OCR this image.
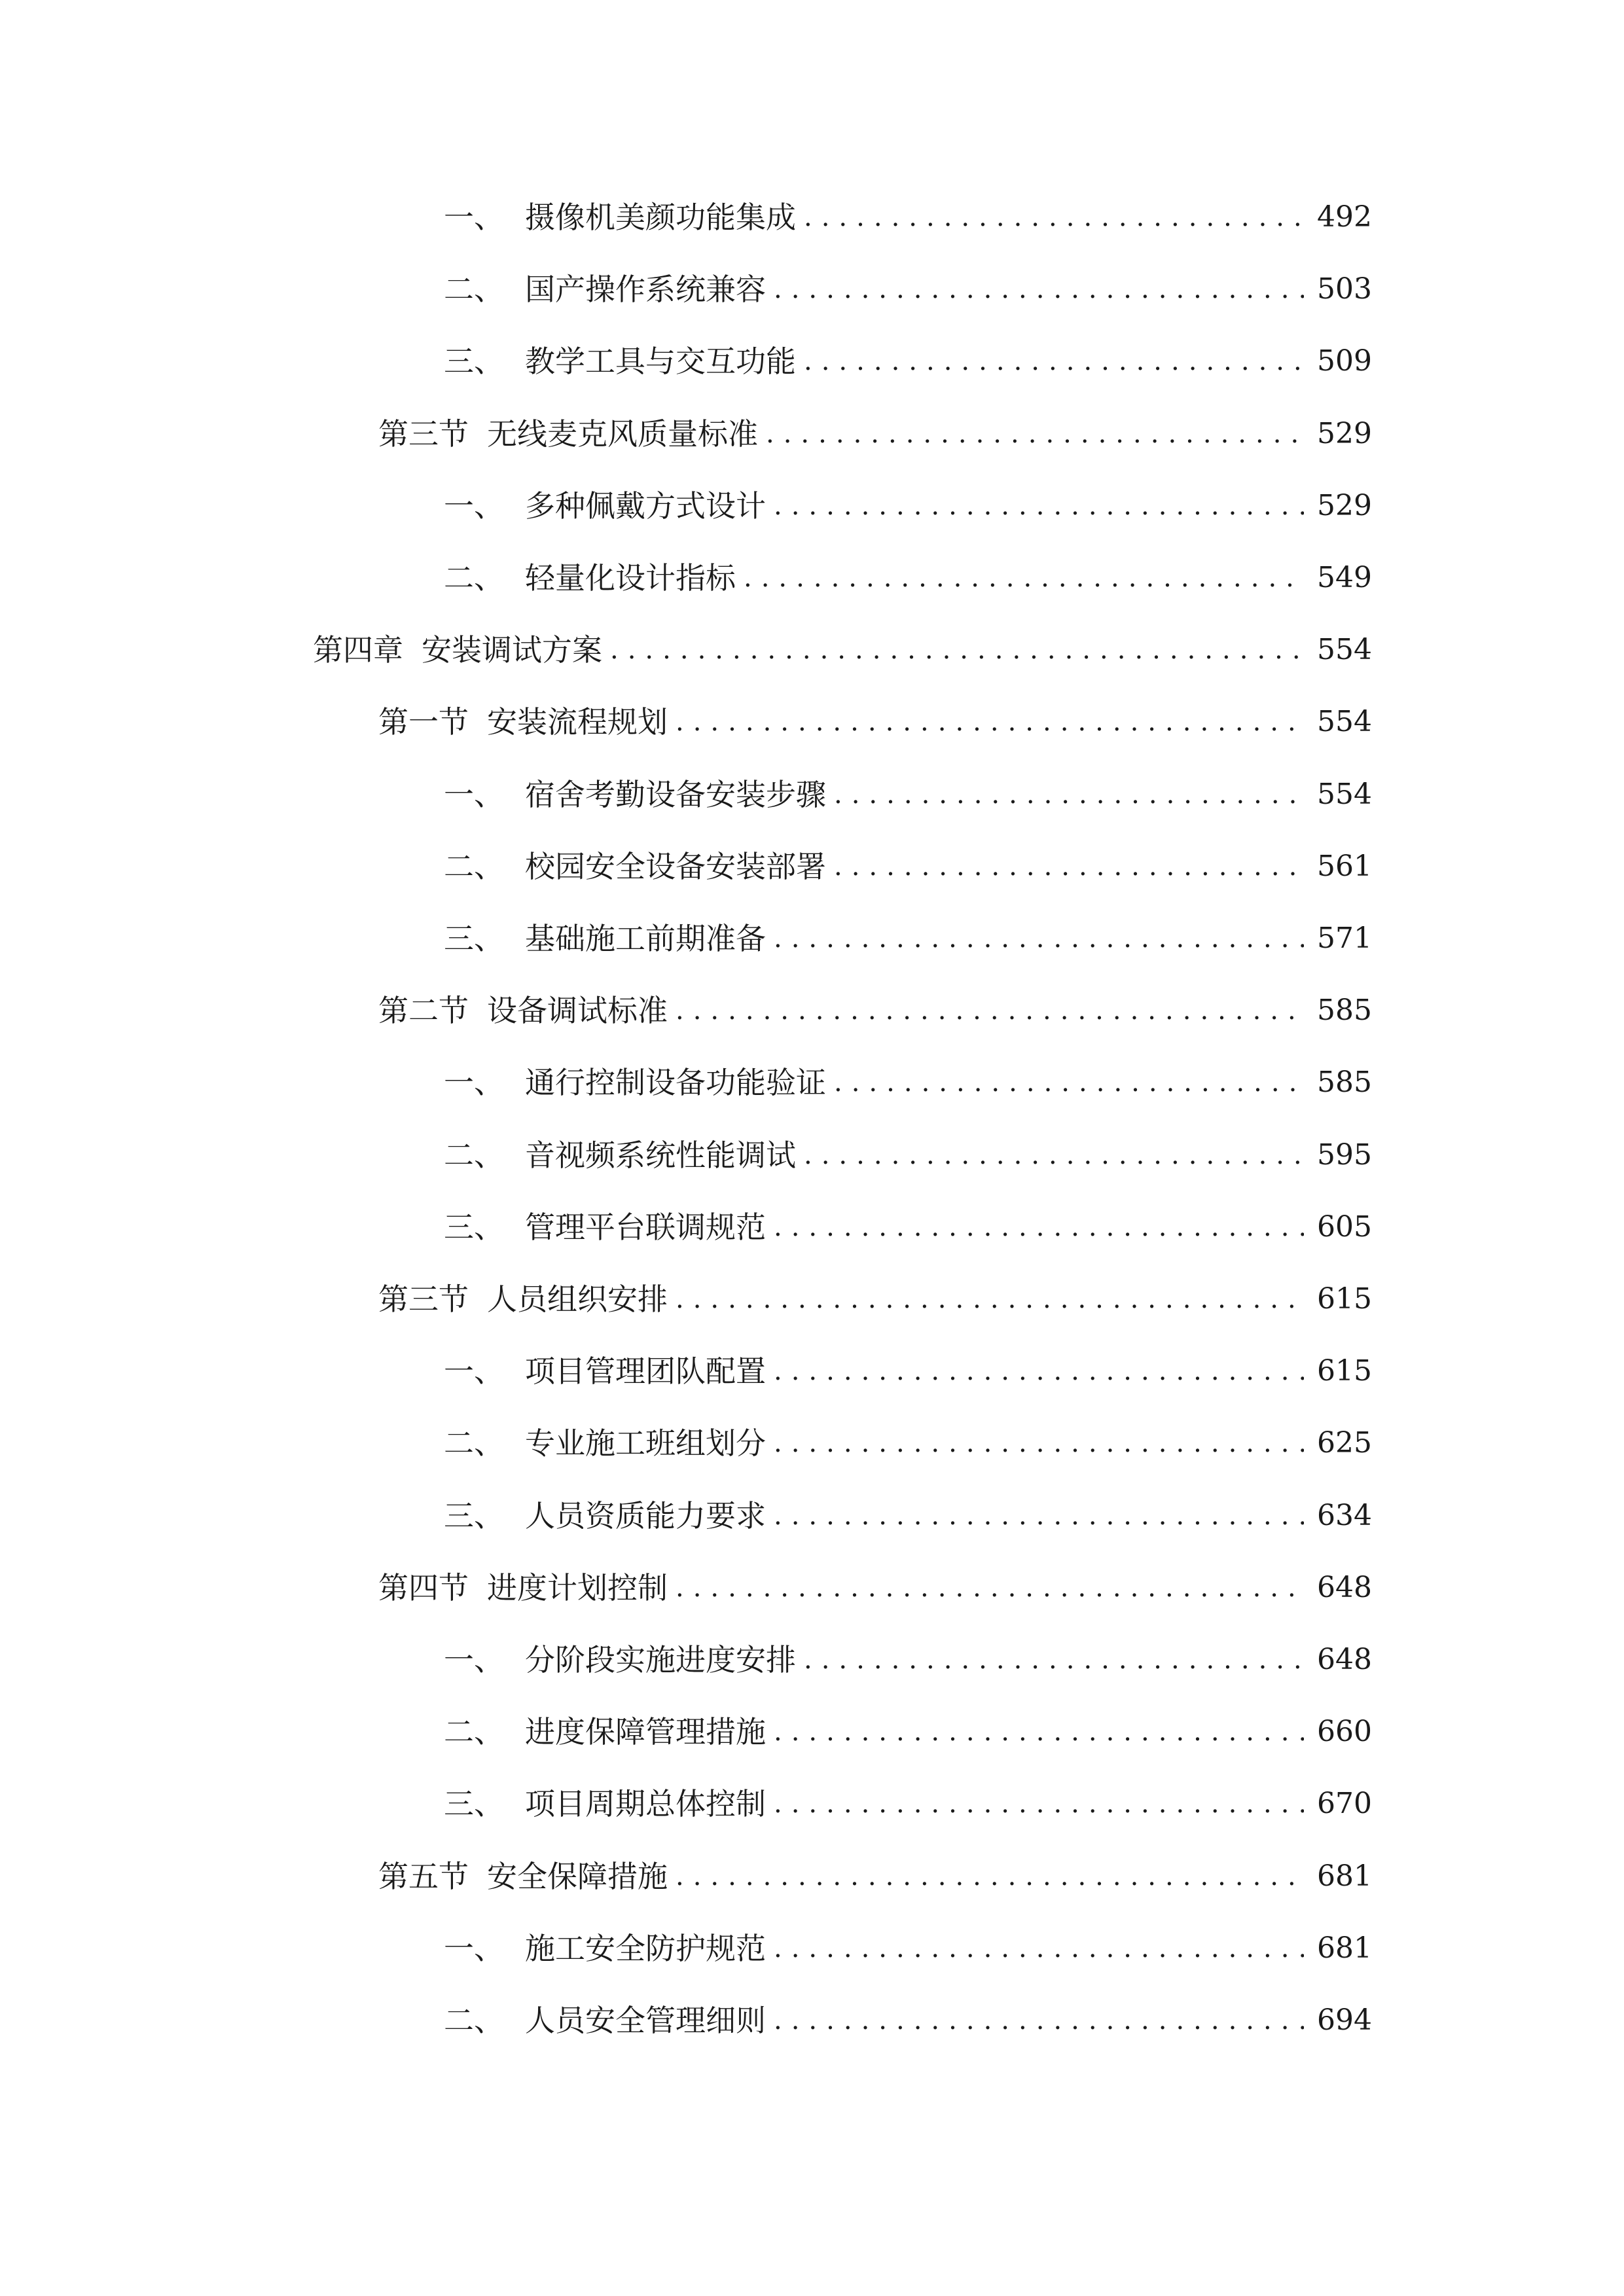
一、 摄像机美颜功能集成 .....	492
二、 国产操作系统兼容 .....	503
三、 教学工具与交互功能 .....	509
第三节 无线麦克风质量标准 .....	529
一、 多种佩戴方式设计 .....	529
二、 轻量化设计指标 .....	549
第四章 安装调试方案 .....	554
第一节 安装流程规划 .....	554
一、 宿舍考勤设备安装步骤 .....	554
二、 校园安全设备安装部署 .....	561
三、 基础施工前期准备 .....	571
第二节 设备调试标准 .....	585
一、 通行控制设备功能验证 .....	585
二、 音视频系统性能调试 .....	595
三、 管理平台联调规范 .....	605
第三节 人员组织安排 .....	615
一、 项目管理团队配置 .....	615
二、 专业施工班组划分 .....	625
三、 人员资质能力要求 .....	634
第四节 进度计划控制 .....	648
一、 分阶段实施进度安排 .....	648
二、 进度保障管理措施 .....	660
三、 项目周期总体控制 .....	670
第五节 安全保障措施 .....	681
一、 施工安全防护规范 .....	681
二、 人员安全管理细则 .....	694
